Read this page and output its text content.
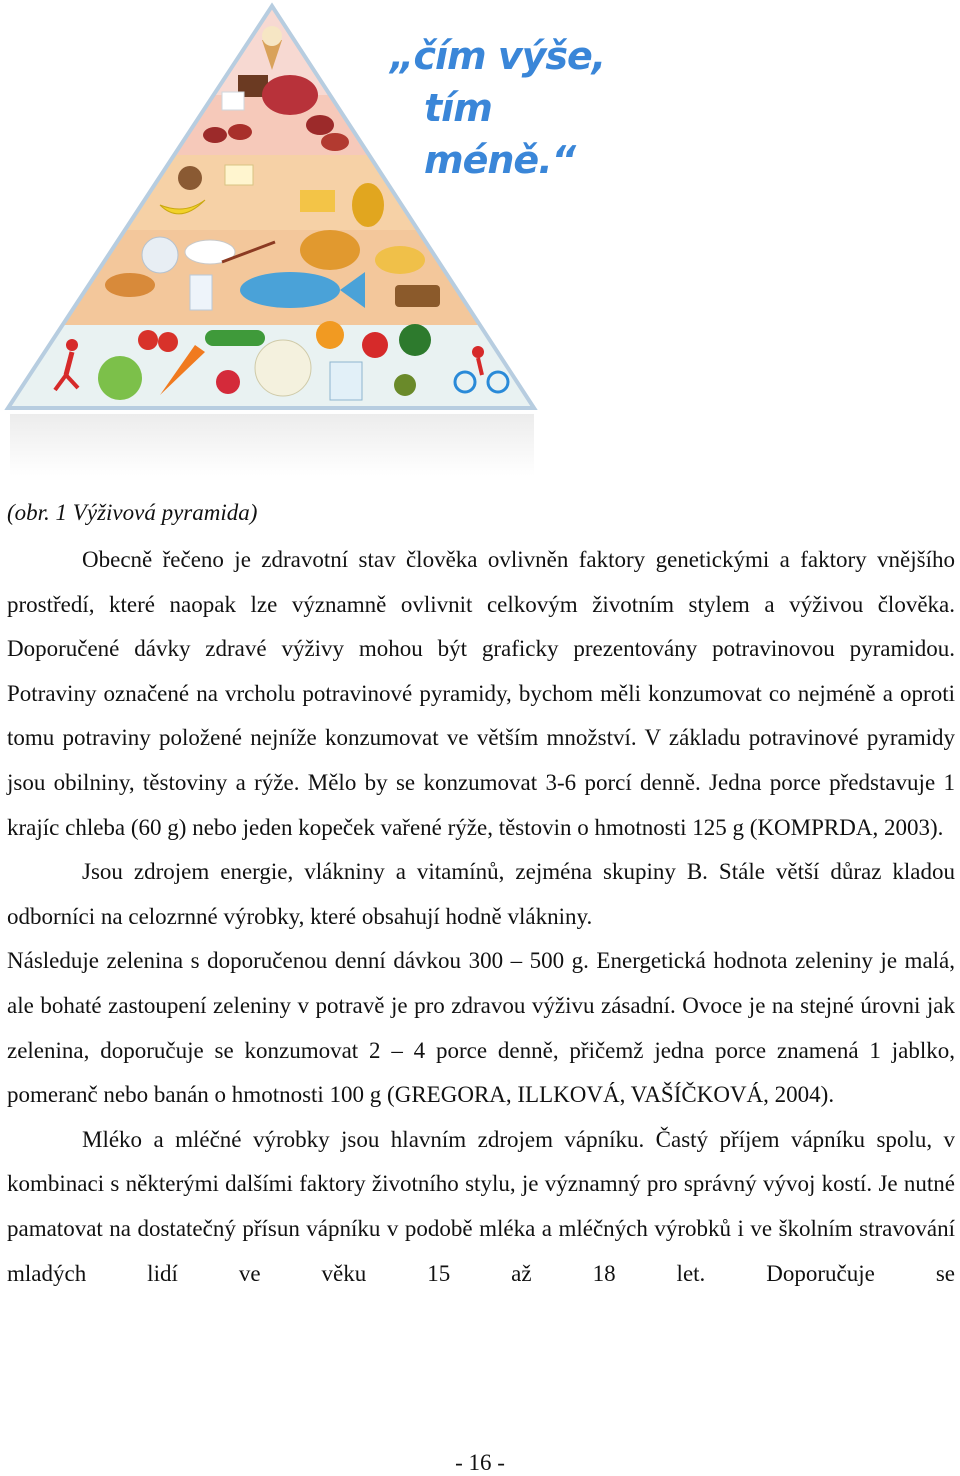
„čím výše,
tím méně.“
(obr. 1 Výživová pyramida)

Obecně řečeno je zdravotní stav člověka ovlivněn faktory genetickými a faktory vnějšího prostředí, které naopak lze významně ovlivnit celkovým životním stylem a výživou člověka. Doporučené dávky zdravé výživy mohou být graficky prezentovány potravinovou pyramidou. Potraviny označené na vrcholu potravinové pyramidy, bychom měli konzumovat co nejméně a oproti tomu potraviny položené nejníže konzumovat ve větším množství. V základu potravinové pyramidy jsou obilniny, těstoviny a rýže. Mělo by se konzumovat 3-6 porcí denně. Jedna porce představuje 1 krajíc chleba (60 g) nebo jeden kopeček vařené rýže, těstovin o hmotnosti 125 g (KOMPRDA, 2003).

Jsou zdrojem energie, vlákniny a vitamínů, zejména skupiny B. Stále větší důraz kladou odborníci na celozrnné výrobky, které obsahují hodně vlákniny.

Následuje zelenina s doporučenou denní dávkou 300 – 500 g. Energetická hodnota zeleniny je malá, ale bohaté zastoupení zeleniny v potravě je pro zdravou výživu zásadní. Ovoce je na stejné úrovni jak zelenina, doporučuje se konzumovat 2 – 4 porce denně, přičemž jedna porce znamená 1 jablko, pomeranč nebo banán o hmotnosti 100 g (GREGORA, ILLKOVÁ, VAŠÍČKOVÁ, 2004).

Mléko a mléčné výrobky jsou hlavním zdrojem vápníku. Častý příjem vápníku spolu, v kombinaci s některými dalšími faktory životního stylu, je významný pro správný vývoj kostí. Je nutné pamatovat na dostatečný přísun vápníku v podobě mléka a mléčných výrobků i ve školním stravování mladých lidí ve věku 15 až 18 let. Doporučuje se

- 16 -
